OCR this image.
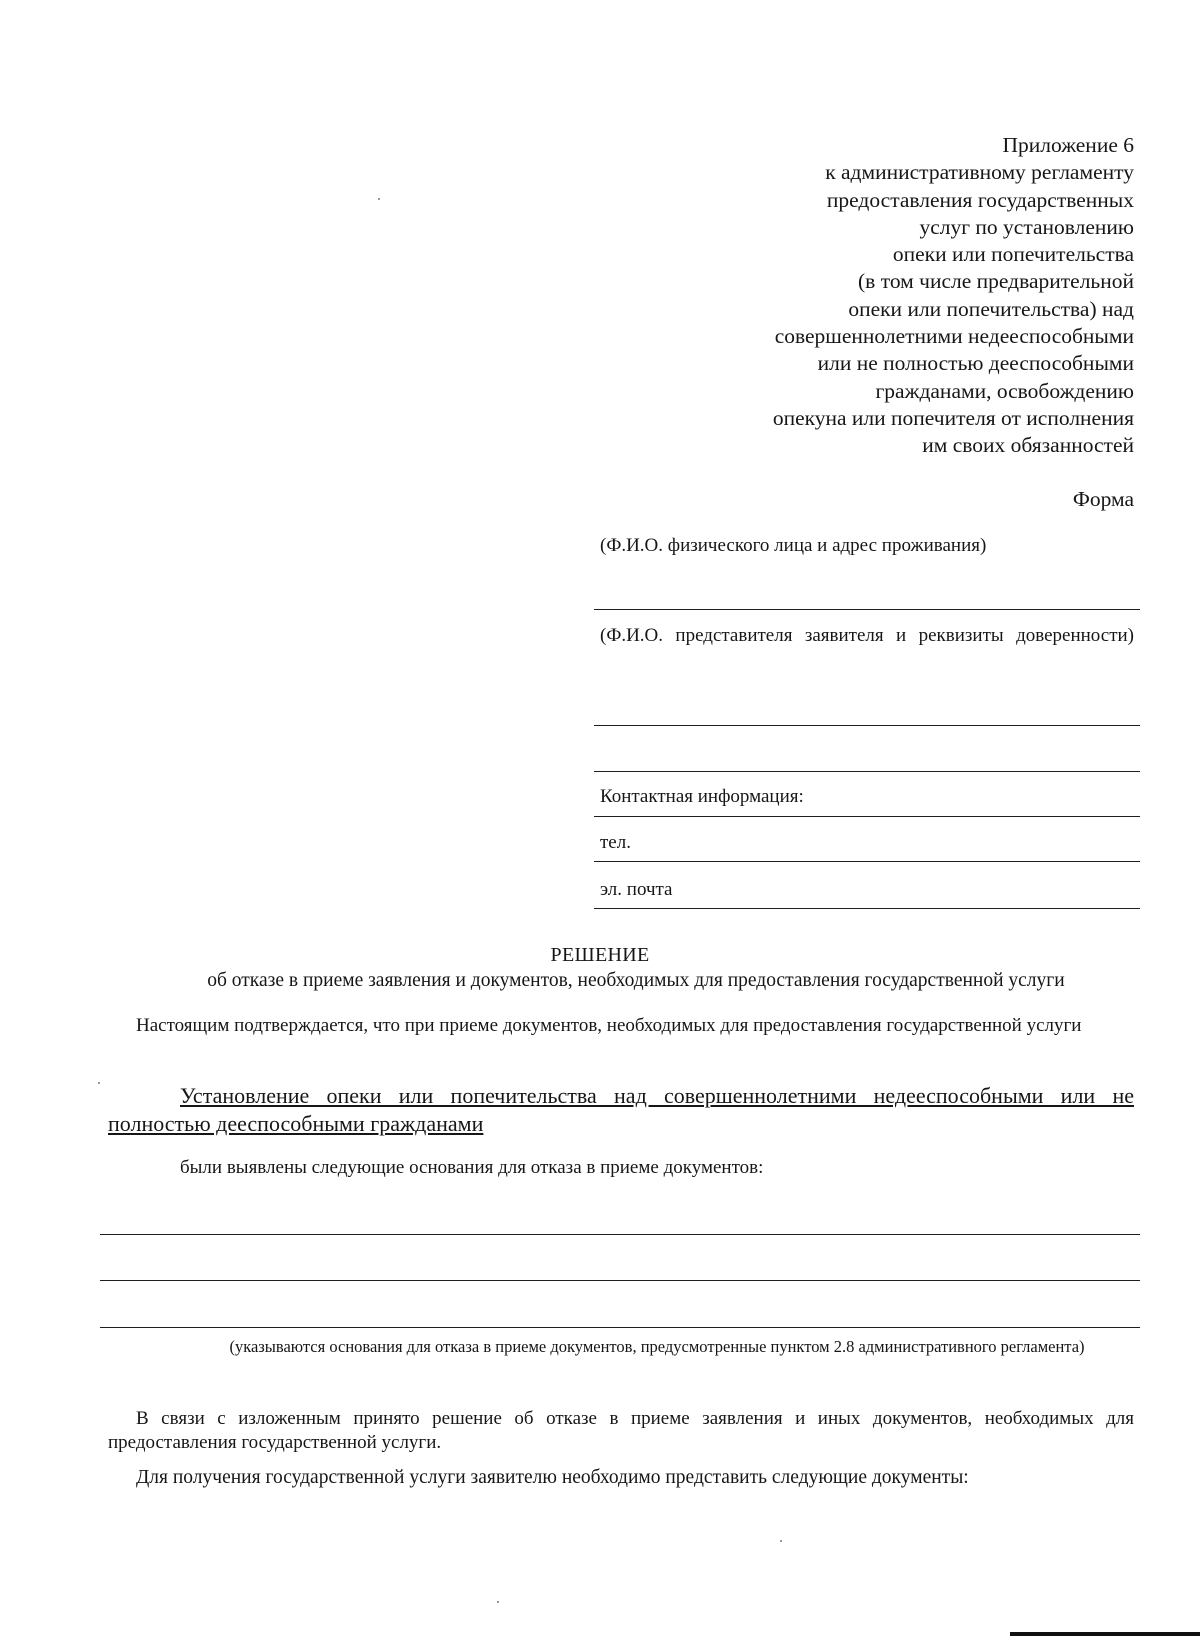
Приложение 6
к административному регламенту
предоставления государственных
услуг по установлению
опеки или попечительства
(в том числе предварительной
опеки или попечительства) над
совершеннолетними недееспособными
или не полностью дееспособными
гражданами, освобождению
опекуна или попечителя от исполнения
им своих обязанностей
Форма
(Ф.И.О. физического лица и адрес проживания)
(Ф.И.О. представителя заявителя и реквизиты доверенности)
Контактная информация:
тел.
эл. почта
РЕШЕНИЕ
об отказе в приеме заявления и документов, необходимых для предоставления государственной услуги
Настоящим подтверждается, что при приеме документов, необходимых для предоставления государственной услуги
Установление опеки или попечительства над совершеннолетними недееспособными или не полностью дееспособными гражданами
были выявлены следующие основания для отказа в приеме документов:
(указываются основания для отказа в приеме документов, предусмотренные пунктом 2.8 административного регламента)
В связи с изложенным принято решение об отказе в приеме заявления и иных документов, необходимых для предоставления государственной услуги.
Для получения государственной услуги заявителю необходимо представить следующие документы:
